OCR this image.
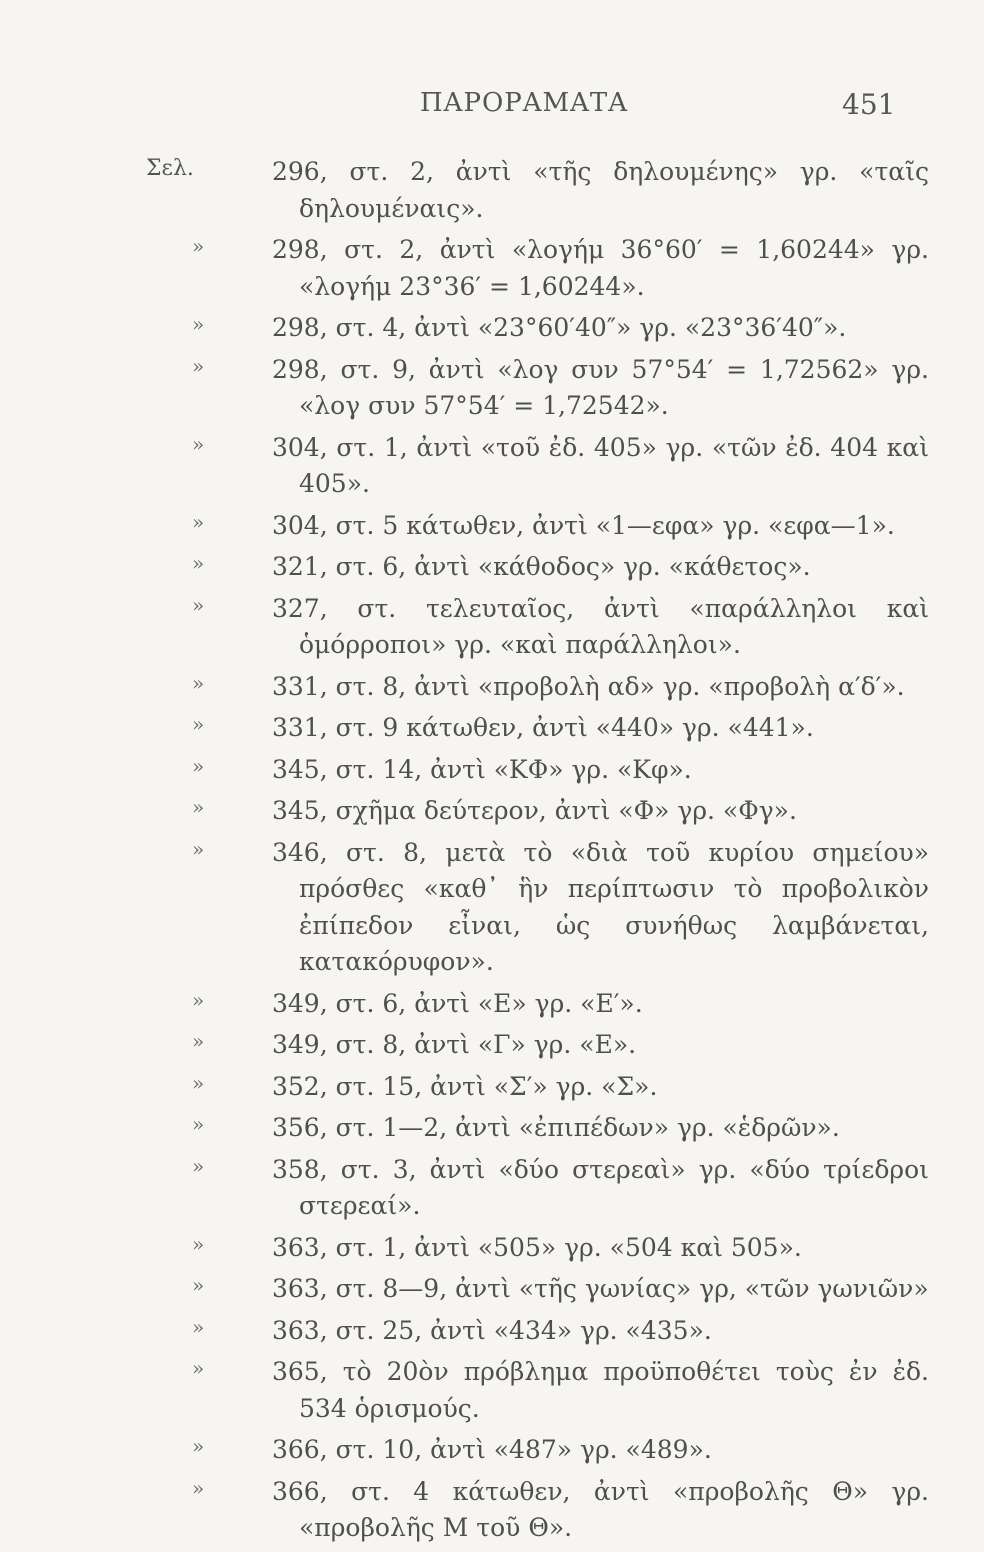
ΠΑΡΟΡΑΜΑΤΑ	451
Σελ.	296, στ. 2, ἀντὶ «τῆς δηλουμένης» γρ. «ταῖς δηλουμέναις».
»	298, στ. 2, ἀντὶ «λογήμ 36°60′ = 1,60244» γρ. «λογήμ 23°36′ = 1,60244».
»	298, στ. 4, ἀντὶ «23°60′40″» γρ. «23°36′40″».
»	298, στ. 9, ἀντὶ «λογ συν 57°54′ = 1,72562» γρ. «λογ συν 57°54′ = 1,72542».
»	304, στ. 1, ἀντὶ «τοῦ ἐδ. 405» γρ. «τῶν ἐδ. 404 καὶ 405».
»	304, στ. 5 κάτωθεν, ἀντὶ «1—εφα» γρ. «εφα—1».
»	321, στ. 6, ἀντὶ «κάθοδος» γρ. «κάθετος».
»	327, στ. τελευταῖος, ἀντὶ «παράλληλοι καὶ ὁμόρροποι» γρ. «καὶ παράλληλοι».
»	331, στ. 8, ἀντὶ «προβολὴ αδ» γρ. «προβολὴ α′δ′».
»	331, στ. 9 κάτωθεν, ἀντὶ «440» γρ. «441».
»	345, στ. 14, ἀντὶ «ΚΦ» γρ. «Κφ».
»	345, σχῆμα δεύτερον, ἀντὶ «Φ» γρ. «Φγ».
»	346, στ. 8, μετὰ τὸ «διὰ τοῦ κυρίου σημείου» πρόσθες «καθ᾽ ἣν περίπτωσιν τὸ προβολικὸν ἐπίπεδον εἶναι, ὡς συνήθως λαμβάνεται, κατακόρυφον».
»	349, στ. 6, ἀντὶ «Ε» γρ. «Ε′».
»	349, στ. 8, ἀντὶ «Γ» γρ. «Ε».
»	352, στ. 15, ἀντὶ «Σ′» γρ. «Σ».
»	356, στ. 1—2, ἀντὶ «ἐπιπέδων» γρ. «ἑδρῶν».
»	358, στ. 3, ἀντὶ «δύο στερεαὶ» γρ. «δύο τρίεδροι στερεαί».
»	363, στ. 1, ἀντὶ «505» γρ. «504 καὶ 505».
»	363, στ. 8—9, ἀντὶ «τῆς γωνίας» γρ, «τῶν γωνιῶν»
»	363, στ. 25, ἀντὶ «434» γρ. «435».
»	365, τὸ 20ὸν πρόβλημα προϋποθέτει τοὺς ἐν ἐδ. 534 ὁρισμούς.
»	366, στ. 10, ἀντὶ «487» γρ. «489».
»	366, στ. 4 κάτωθεν, ἀντὶ «προβολῆς Θ» γρ. «προβολῆς Μ τοῦ Θ».
